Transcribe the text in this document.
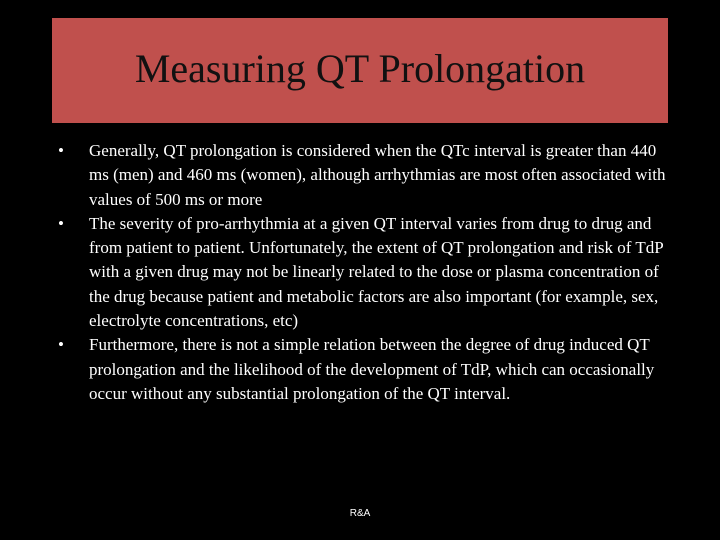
Measuring QT Prolongation
• Generally, QT prolongation is considered when the QTc interval is greater than 440 ms (men) and 460 ms (women), although arrhythmias are most often associated with values of 500 ms or more
• The severity of pro-arrhythmia at a given QT interval varies from drug to drug and from patient to patient. Unfortunately, the extent of QT prolongation and risk of TdP with a given drug may not be linearly related to the dose or plasma concentration of the drug because patient and metabolic factors are also important (for example, sex, electrolyte concentrations, etc)
• Furthermore, there is not a simple relation between the degree of drug induced QT prolongation and the likelihood of the development of TdP, which can occasionally occur without any substantial prolongation of the QT interval.
R&A
